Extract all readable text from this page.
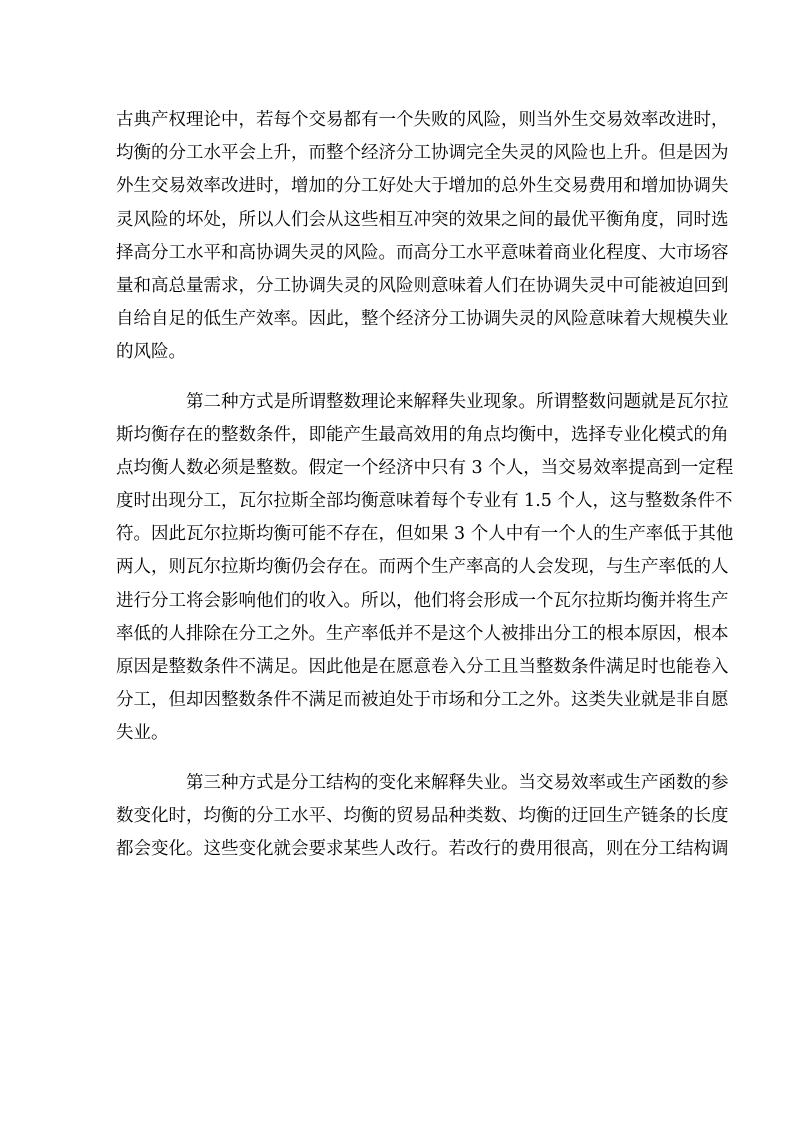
古典产权理论中，若每个交易都有一个失败的风险，则当外生交易效率改进时，
均衡的分工水平会上升，而整个经济分工协调完全失灵的风险也上升。但是因为
外生交易效率改进时，增加的分工好处大于增加的总外生交易费用和增加协调失
灵风险的坏处，所以人们会从这些相互冲突的效果之间的最优平衡角度，同时选
择高分工水平和高协调失灵的风险。而高分工水平意味着商业化程度、大市场容
量和高总量需求，分工协调失灵的风险则意味着人们在协调失灵中可能被迫回到
自给自足的低生产效率。因此，整个经济分工协调失灵的风险意味着大规模失业
的风险。
第二种方式是所谓整数理论来解释失业现象。所谓整数问题就是瓦尔拉
斯均衡存在的整数条件，即能产生最高效用的角点均衡中，选择专业化模式的角
点均衡人数必须是整数。假定一个经济中只有 3 个人，当交易效率提高到一定程
度时出现分工，瓦尔拉斯全部均衡意味着每个专业有 1.5 个人，这与整数条件不
符。因此瓦尔拉斯均衡可能不存在，但如果 3 个人中有一个人的生产率低于其他
两人，则瓦尔拉斯均衡仍会存在。而两个生产率高的人会发现，与生产率低的人
进行分工将会影响他们的收入。所以，他们将会形成一个瓦尔拉斯均衡并将生产
率低的人排除在分工之外。生产率低并不是这个人被排出分工的根本原因，根本
原因是整数条件不满足。因此他是在愿意卷入分工且当整数条件满足时也能卷入
分工，但却因整数条件不满足而被迫处于市场和分工之外。这类失业就是非自愿
失业。
第三种方式是分工结构的变化来解释失业。当交易效率或生产函数的参
数变化时，均衡的分工水平、均衡的贸易品种类数、均衡的迂回生产链条的长度
都会变化。这些变化就会要求某些人改行。若改行的费用很高，则在分工结构调
